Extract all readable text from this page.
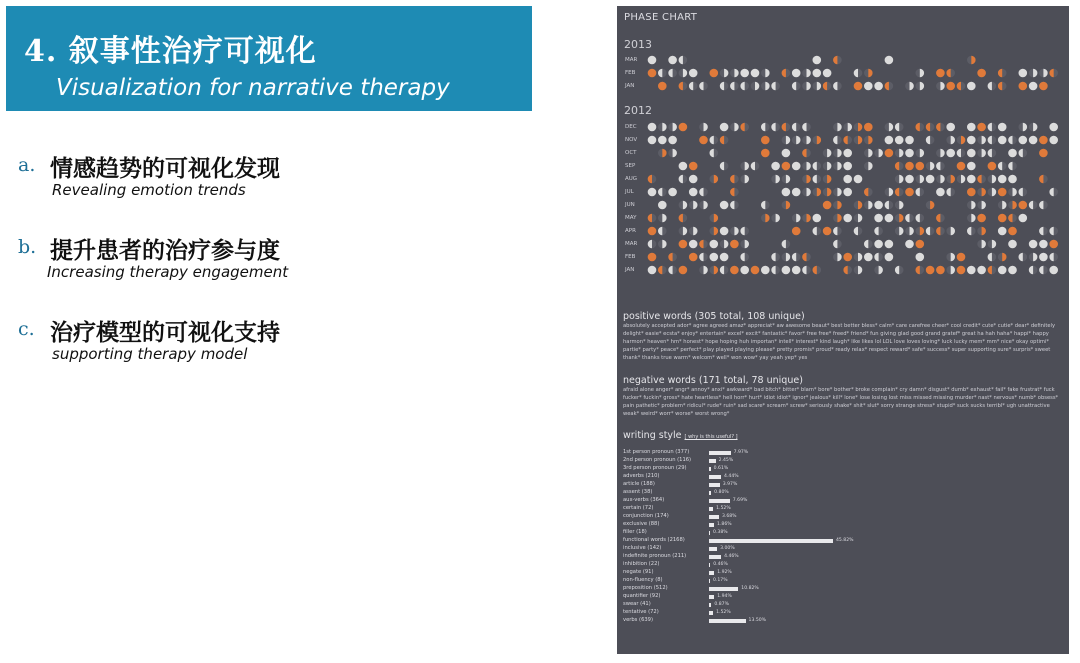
4. 叙事性治疗可视化
Visualization for narrative therapy
a. 情感趋势的可视化发现
Revealing emotion trends
b. 提升患者的治疗参与度
Increasing therapy engagement
c. 治疗模型的可视化支持
supporting therapy model
PHASE CHART
2013
MAR
FEB
JAN
2012
DEC
NOV
OCT
SEP
AUG
JUL
JUN
MAY
APR
MAR
FEB
JAN
positive words (305 total, 108 unique)
absolutely accepted ador* agree agreed amaz* appreciat* aw awesome beaut* best better bless* calm* care carefree cheer* cool credit* cute* cutie* dear* definitely delight* easie* ecsta* enjoy* entertain* excel* excit* fantastic* favor* free free* freed* friend* fun giving glad good grand gratef* great ha hah haha* happi* happy harmon* heaven* hm* honest* hope hoping huh importan* intell* interest* kind laugh* like likes lol LOL love loves loving* luck lucky mem* mm* nice* okay optimi* partie* party* peace* perfect* play played playing please* pretty promis* proud* ready relax* respect reward* safe* success* super supporting sure* surpris* sweet thank* thanks true warm* welcom* well* won wow* yay yeah yep* yes
negative words (171 total, 78 unique)
afraid alone anger* angr* annoy* anxi* awkward* bad bitch* bitter* blam* bore* bother* broke complain* cry damn* disgust* dumb* exhaust* fail* fake frustrat* fuck fucker* fuckin* gross* hate heartless* hell horr* hurt* idiot idiot* ignor* jealous* kill* lone* lose losing lost miss missed missing murder* nast* nervous* numb* obsess* pain pathetic* problem* ridicul* rude* ruin* sad scare* scream* screw* seriously shake* shit* slut* sorry strange stress* stupid* suck sucks terribl* ugh unattractive weak* weird* worr* worse* worst wrong*
writing style [ why is this useful? ]
1st person pronoun (377)	7.97%
2nd person pronoun (116)	2.45%
3rd person pronoun (29)	0.61%
adverbs (210)	4.44%
article (188)	3.97%
assent (38)	0.80%
aux-verbs (364)	7.69%
certain (72)	1.52%
conjunction (174)	3.68%
exclusive (88)	1.86%
filler (18)	0.38%
functional words (2168)	45.82%
inclusive (142)	3.00%
indefinite pronoun (211)	4.46%
inhibition (22)	0.46%
negate (91)	1.92%
non-fluency (8)	0.17%
preposition (512)	10.82%
quantifier (92)	1.94%
swear (41)	0.87%
tentative (72)	1.52%
verbs (639)	13.50%
